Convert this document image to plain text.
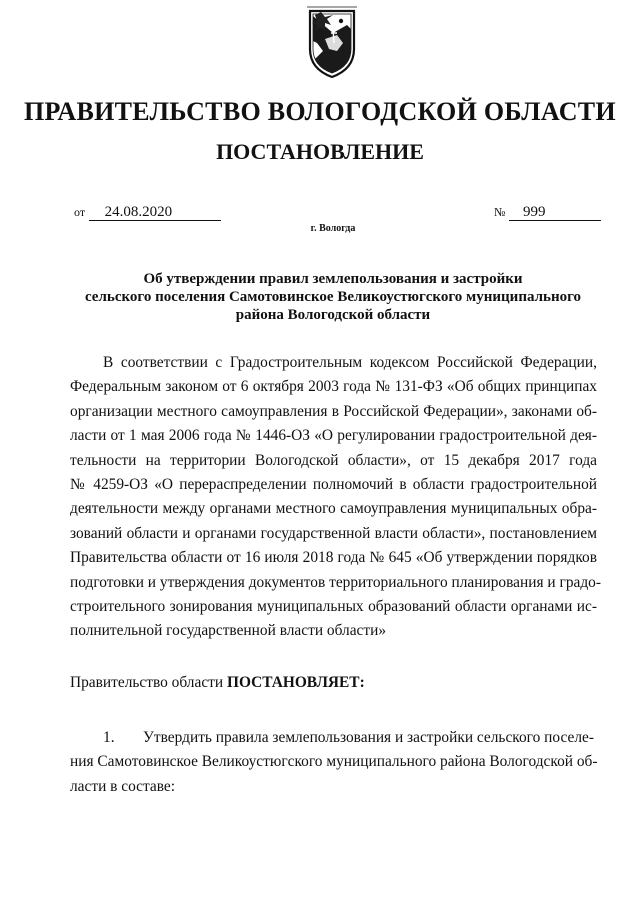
ПРАВИТЕЛЬСТВО ВОЛОГОДСКОЙ ОБЛАСТИ
ПОСТАНОВЛЕНИЕ
от 24.08.2020	№ 999
г. Вологда
Об утверждении правил землепользования и застройки
сельского поселения Самотовинское Великоустюгского муниципального
района Вологодской области
В соответствии с Градостроительным кодексом Российской Федерации,
Федеральным законом от 6 октября 2003 года № 131-ФЗ «Об общих принципах
организации местного самоуправления в Российской Федерации», законами об-
ласти от 1 мая 2006 года № 1446-ОЗ «О регулировании градостроительной дея-
тельности на территории Вологодской области», от 15 декабря 2017 года
№ 4259-ОЗ «О перераспределении полномочий в области градостроительной
деятельности между органами местного самоуправления муниципальных обра-
зований области и органами государственной власти области», постановлением
Правительства области от 16 июля 2018 года № 645 «Об утверждении порядков
подготовки и утверждения документов территориального планирования и градо-
строительного зонирования муниципальных образований области органами ис-
полнительной государственной власти области»
Правительство области ПОСТАНОВЛЯЕТ:
1.	Утвердить правила землепользования и застройки сельского поселе-
ния Самотовинское Великоустюгского муниципального района Вологодской об-
ласти в составе:
